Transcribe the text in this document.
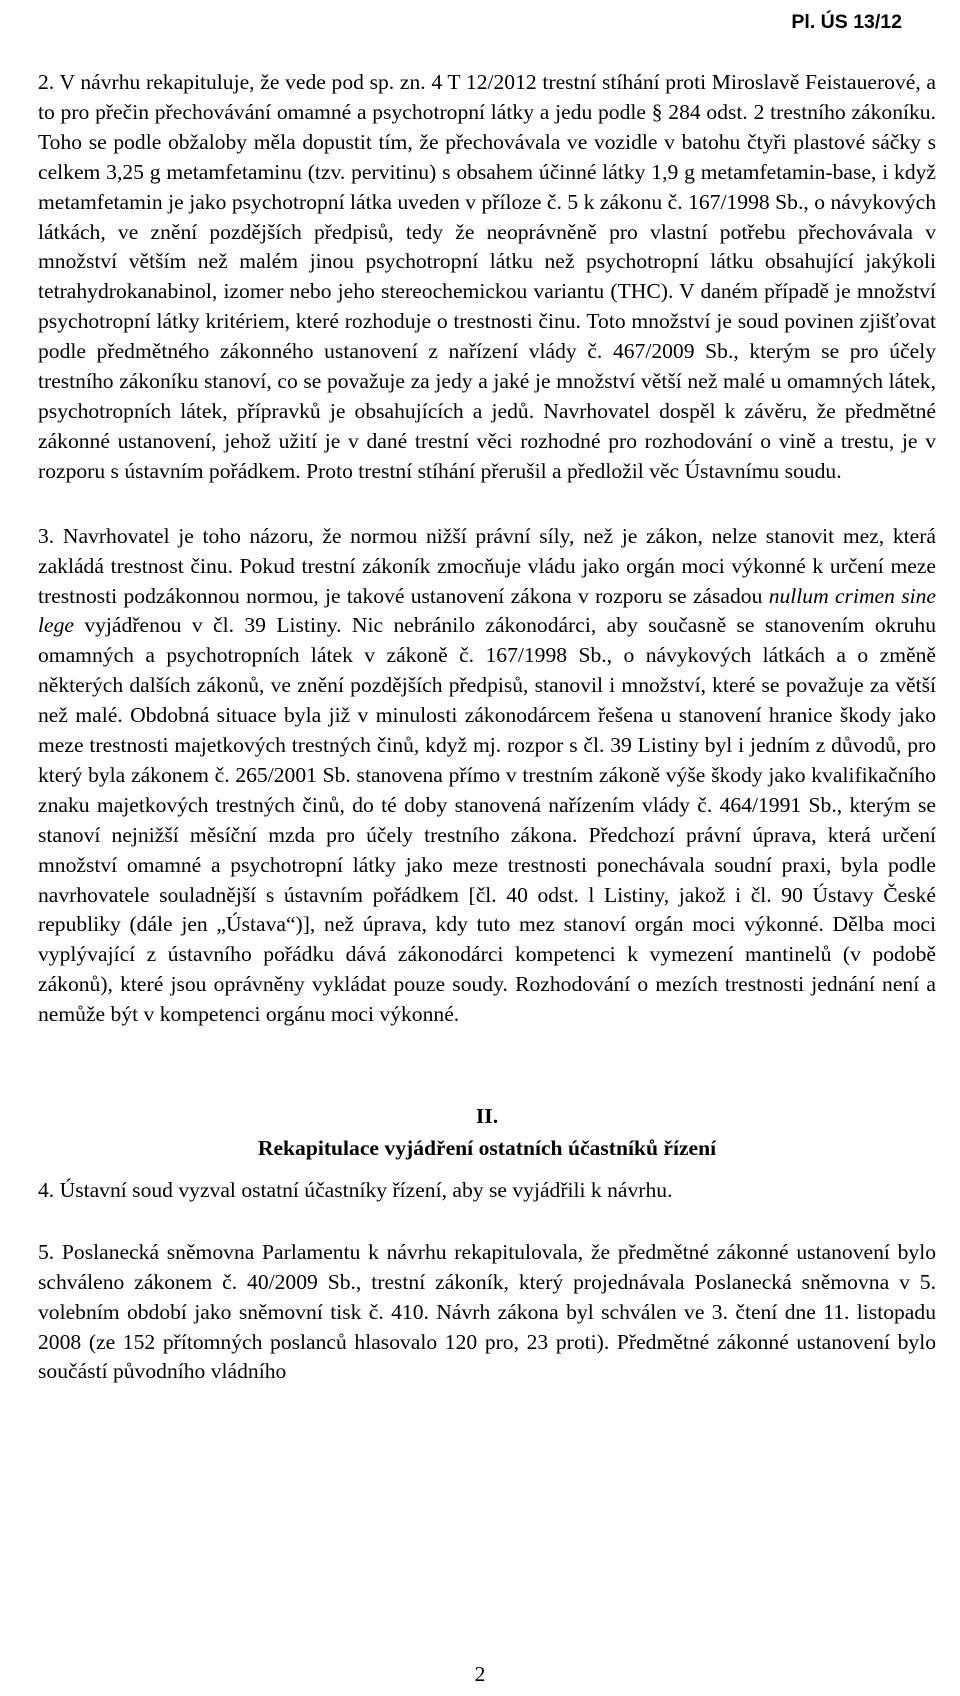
Pl. ÚS 13/12

2. V návrhu rekapituluje, že vede pod sp. zn. 4 T 12/2012 trestní stíhání proti Miroslavě Feistauerové, a to pro přečin přechovávání omamné a psychotropní látky a jedu podle § 284 odst. 2 trestního zákoníku. Toho se podle obžaloby měla dopustit tím, že přechovávala ve vozidle v batohu čtyři plastové sáčky s celkem 3,25 g metamfetaminu (tzv. pervitinu) s obsahem účinné látky 1,9 g metamfetamin-base, i když metamfetamin je jako psychotropní látka uveden v příloze č. 5 k zákonu č. 167/1998 Sb., o návykových látkách, ve znění pozdějších předpisů, tedy že neoprávněně pro vlastní potřebu přechovávala v množství větším než malém jinou psychotropní látku než psychotropní látku obsahující jakýkoli tetrahydrokanabinol, izomer nebo jeho stereochemickou variantu (THC). V daném případě je množství psychotropní látky kritériem, které rozhoduje o trestnosti činu. Toto množství je soud povinen zjišťovat podle předmětného zákonného ustanovení z nařízení vlády č. 467/2009 Sb., kterým se pro účely trestního zákoníku stanoví, co se považuje za jedy a jaké je množství větší než malé u omamných látek, psychotropních látek, přípravků je obsahujících a jedů. Navrhovatel dospěl k závěru, že předmětné zákonné ustanovení, jehož užití je v dané trestní věci rozhodné pro rozhodování o vině a trestu, je v rozporu s ústavním pořádkem. Proto trestní stíhání přerušil a předložil věc Ústavnímu soudu.

3. Navrhovatel je toho názoru, že normou nižší právní síly, než je zákon, nelze stanovit mez, která zakládá trestnost činu. Pokud trestní zákoník zmocňuje vládu jako orgán moci výkonné k určení meze trestnosti podzákonnou normou, je takové ustanovení zákona v rozporu se zásadou nullum crimen sine lege vyjádřenou v čl. 39 Listiny. Nic nebránilo zákonodárci, aby současně se stanovením okruhu omamných a psychotropních látek v zákoně č. 167/1998 Sb., o návykových látkách a o změně některých dalších zákonů, ve znění pozdějších předpisů, stanovil i množství, které se považuje za větší než malé. Obdobná situace byla již v minulosti zákonodárcem řešena u stanovení hranice škody jako meze trestnosti majetkových trestných činů, když mj. rozpor s čl. 39 Listiny byl i jedním z důvodů, pro který byla zákonem č. 265/2001 Sb. stanovena přímo v trestním zákoně výše škody jako kvalifikačního znaku majetkových trestných činů, do té doby stanovená nařízením vlády č. 464/1991 Sb., kterým se stanoví nejnižší měsíční mzda pro účely trestního zákona. Předchozí právní úprava, která určení množství omamné a psychotropní látky jako meze trestnosti ponechávala soudní praxi, byla podle navrhovatele souladnější s ústavním pořádkem [čl. 40 odst. l Listiny, jakož i čl. 90 Ústavy České republiky (dále jen „Ústava“)], než úprava, kdy tuto mez stanoví orgán moci výkonné. Dělba moci vyplývající z ústavního pořádku dává zákonodárci kompetenci k vymezení mantinelů (v podobě zákonů), které jsou oprávněny vykládat pouze soudy. Rozhodování o mezích trestnosti jednání není a nemůže být v kompetenci orgánu moci výkonné.

II.
Rekapitulace vyjádření ostatních účastníků řízení

4. Ústavní soud vyzval ostatní účastníky řízení, aby se vyjádřili k návrhu.

5. Poslanecká sněmovna Parlamentu k návrhu rekapitulovala, že předmětné zákonné ustanovení bylo schváleno zákonem č. 40/2009 Sb., trestní zákoník, který projednávala Poslanecká sněmovna v 5. volebním období jako sněmovní tisk č. 410. Návrh zákona byl schválen ve 3. čtení dne 11. listopadu 2008 (ze 152 přítomných poslanců hlasovalo 120 pro, 23 proti). Předmětné zákonné ustanovení bylo součástí původního vládního

2
